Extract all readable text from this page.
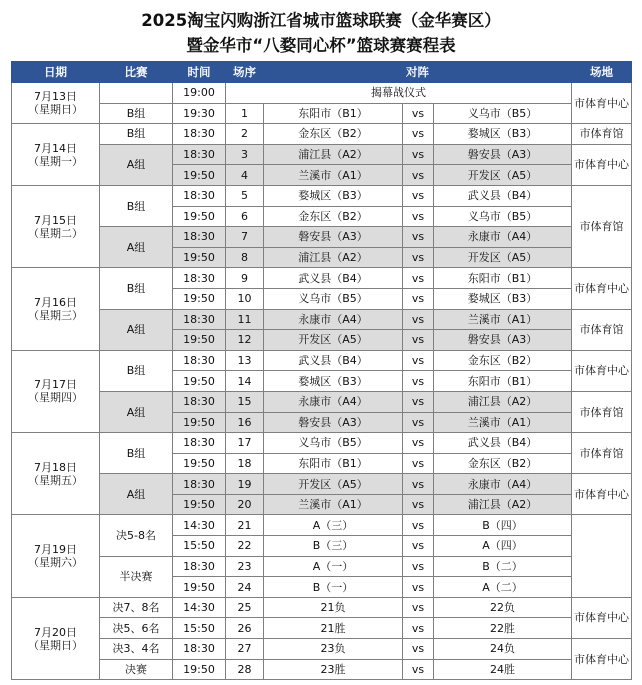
2025淘宝闪购浙江省城市篮球联赛（金华赛区）
暨金华市“八婺同心杯”篮球赛赛程表
日期	比赛	时间	场序	对阵			场地

7月13日
（星期日）		19:00	揭幕战仪式				市体育中心
	B组	19:30	1	东阳市（B1）	vs	义乌市（B5）	

7月14日
（星期一）	B组	18:30	2	金东区（B2）	vs	婺城区（B3）	市体育馆
	A组	18:30	3	浦江县（A2）	vs	磐安县（A3）	市体育中心
		19:50	4	兰溪市（A1）	vs	开发区（A5）	

7月15日
（星期二）	B组	18:30	5	婺城区（B3）	vs	武义县（B4）	市体育馆
		19:50	6	金东区（B2）	vs	义乌市（B5）	
	A组	18:30	7	磐安县（A3）	vs	永康市（A4）	
		19:50	8	浦江县（A2）	vs	开发区（A5）	

7月16日
（星期三）	B组	18:30	9	武义县（B4）	vs	东阳市（B1）	市体育中心
		19:50	10	义乌市（B5）	vs	婺城区（B3）	
	A组	18:30	11	永康市（A4）	vs	兰溪市（A1）	市体育馆
		19:50	12	开发区（A5）	vs	磐安县（A3）	

7月17日
（星期四）	B组	18:30	13	武义县（B4）	vs	金东区（B2）	市体育中心
		19:50	14	婺城区（B3）	vs	东阳市（B1）	
	A组	18:30	15	永康市（A4）	vs	浦江县（A2）	市体育馆
		19:50	16	磐安县（A3）	vs	兰溪市（A1）	

7月18日
（星期五）	B组	18:30	17	义乌市（B5）	vs	武义县（B4）	市体育馆
		19:50	18	东阳市（B1）	vs	金东区（B2）	
	A组	18:30	19	开发区（A5）	vs	永康市（A4）	市体育中心
		19:50	20	兰溪市（A1）	vs	浦江县（A2）	

7月19日
（星期六）	决5-8名	14:30	21	A（三）	vs	B（四）	
		15:50	22	B（三）	vs	A（四）	
	半决赛	18:30	23	A（一）	vs	B（二）	
		19:50	24	B（一）	vs	A（二）	

7月20日
（星期日）	决7、8名	14:30	25	21负	vs	22负	市体育中心
	决5、6名	15:50	26	21胜	vs	22胜	
	决3、4名	18:30	27	23负	vs	24负	市体育中心
	决赛	19:50	28	23胜	vs	24胜	
